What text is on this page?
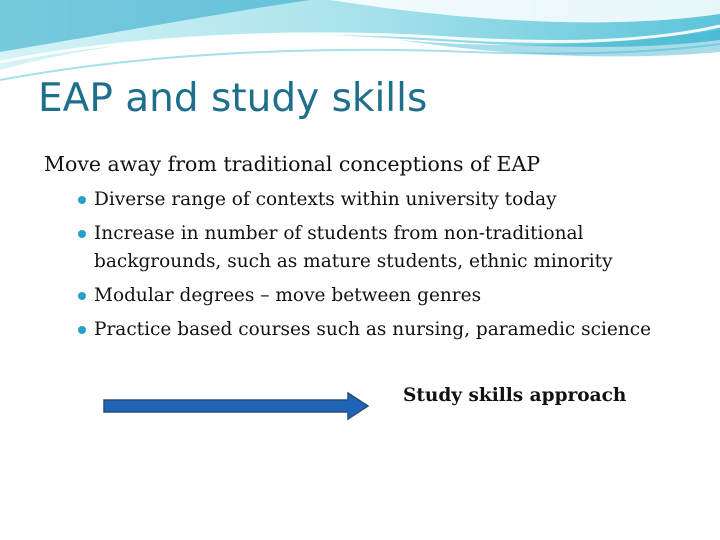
EAP and study skills

Move away from traditional conceptions of EAP

Diverse range of contexts within university today
Increase in number of students from non-traditional backgrounds, such as mature students, ethnic minority
Modular degrees – move between genres
Practice based courses such as nursing, paramedic science

Study skills approach
